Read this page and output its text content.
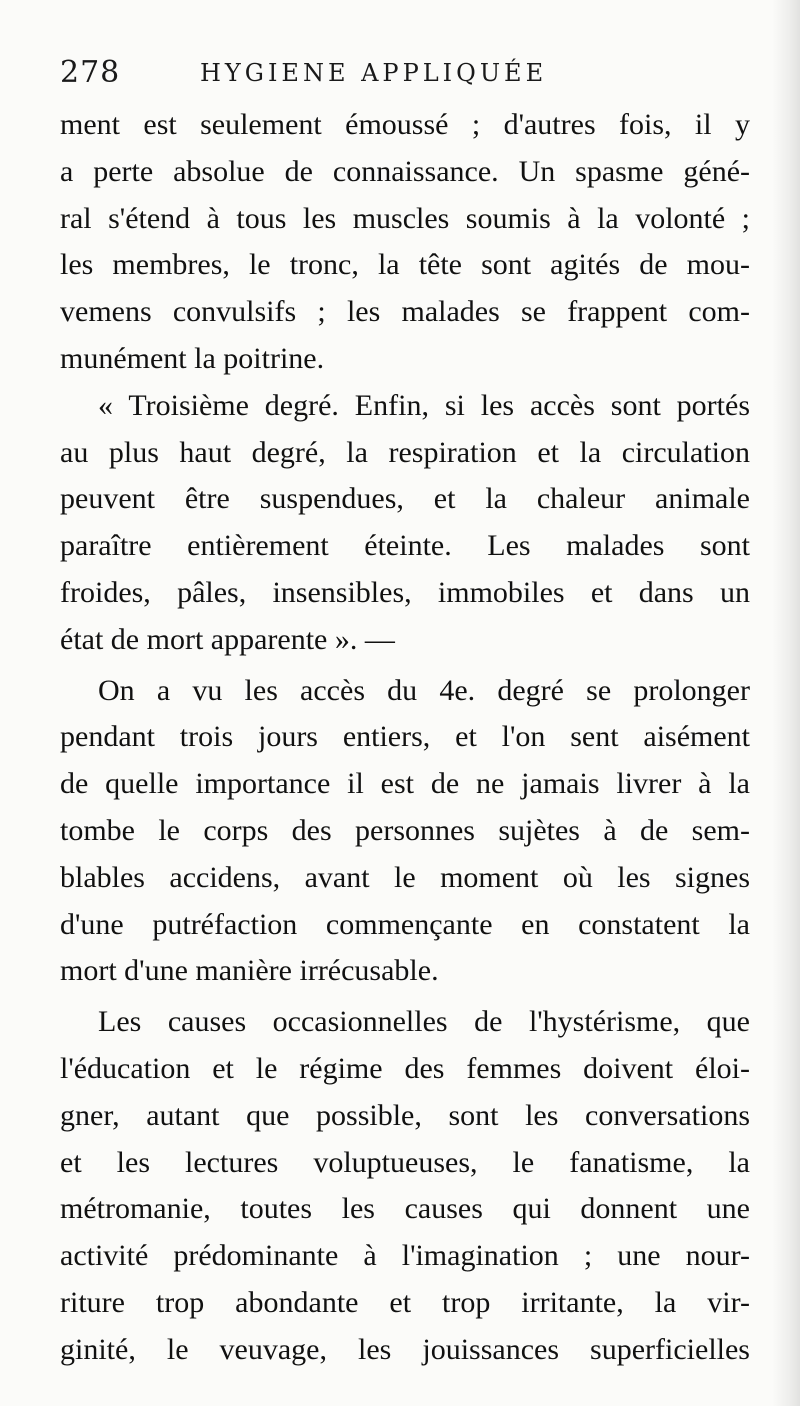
278	HYGIENE APPLIQUÉE
ment est seulement émoussé ; d'autres fois, il y
a perte absolue de connaissance. Un spasme géné-
ral s'étend à tous les muscles soumis à la volonté ;
les membres, le tronc, la tête sont agités de mou-
vemens convulsifs ; les malades se frappent com-
munément la poitrine.
« Troisième degré. Enfin, si les accès sont portés
au plus haut degré, la respiration et la circulation
peuvent être suspendues, et la chaleur animale
paraître entièrement éteinte. Les malades sont
froides, pâles, insensibles, immobiles et dans un
état de mort apparente ». —
On a vu les accès du 4e. degré se prolonger
pendant trois jours entiers, et l'on sent aisément
de quelle importance il est de ne jamais livrer à la
tombe le corps des personnes sujètes à de sem-
blables accidens, avant le moment où les signes
d'une putréfaction commençante en constatent la
mort d'une manière irrécusable.
Les causes occasionnelles de l'hystérisme, que
l'éducation et le régime des femmes doivent éloi-
gner, autant que possible, sont les conversations
et les lectures voluptueuses, le fanatisme, la
métromanie, toutes les causes qui donnent une
activité prédominante à l'imagination ; une nour-
riture trop abondante et trop irritante, la vir-
ginité, le veuvage, les jouissances superficielles
